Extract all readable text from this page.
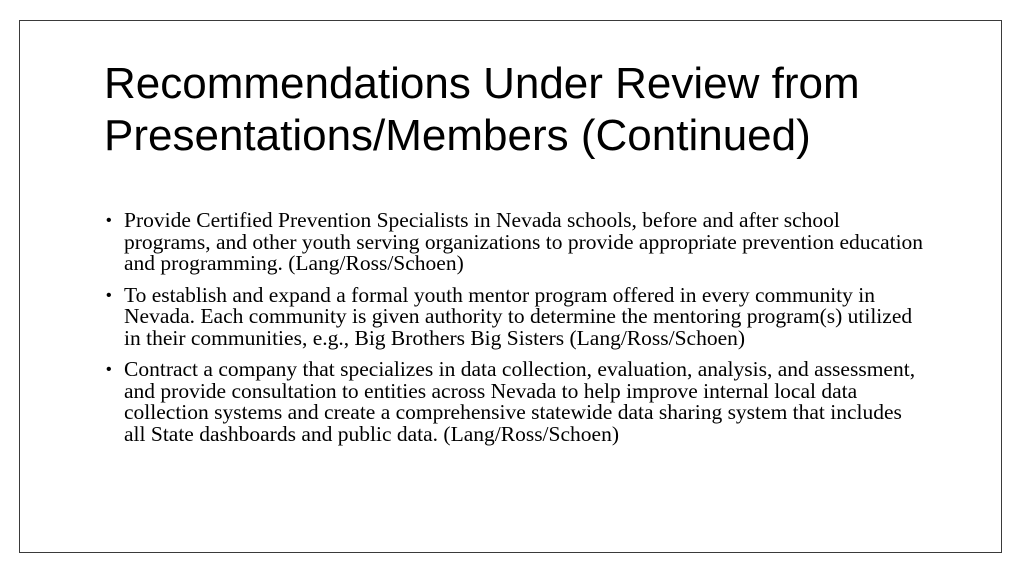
Recommendations Under Review from Presentations/Members (Continued)
• Provide Certified Prevention Specialists in Nevada schools, before and after school programs, and other youth serving organizations to provide appropriate prevention education and programming. (Lang/Ross/Schoen)
• To establish and expand a formal youth mentor program offered in every community in Nevada. Each community is given authority to determine the mentoring program(s) utilized in their communities, e.g., Big Brothers Big Sisters (Lang/Ross/Schoen)
• Contract a company that specializes in data collection, evaluation, analysis, and assessment, and provide consultation to entities across Nevada to help improve internal local data collection systems and create a comprehensive statewide data sharing system that includes all State dashboards and public data. (Lang/Ross/Schoen)
